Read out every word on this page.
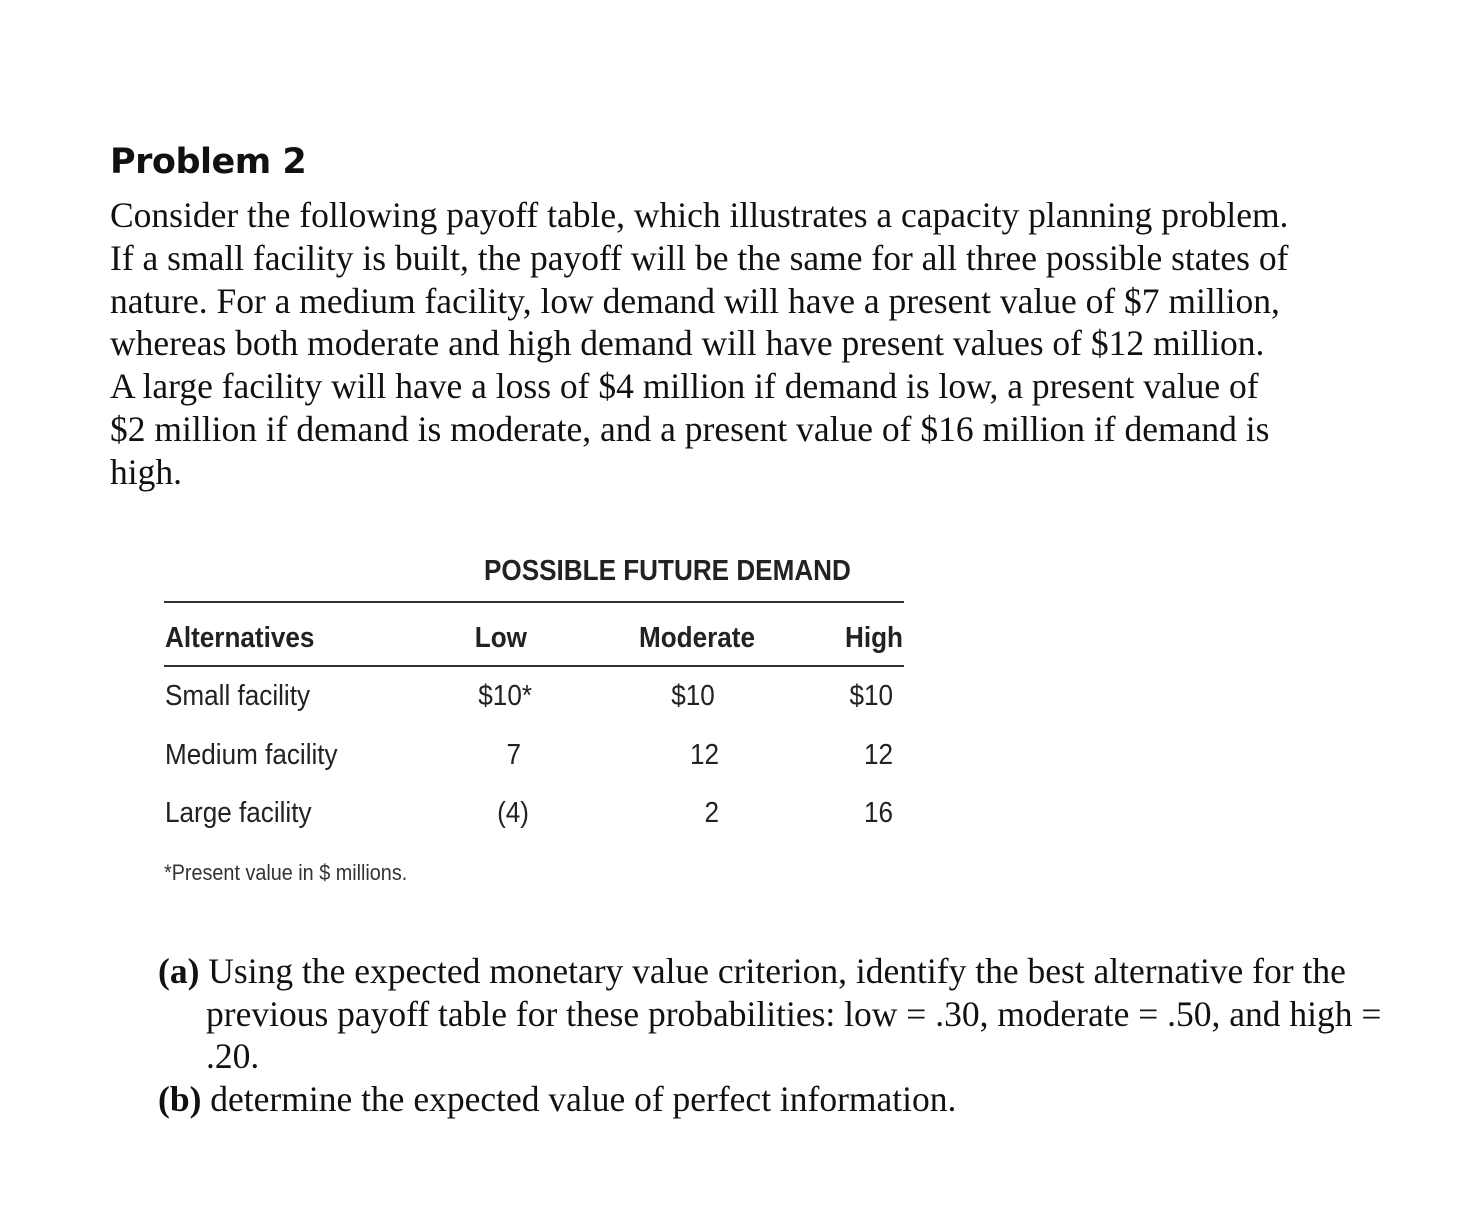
Problem 2

Consider the following payoff table, which illustrates a capacity planning problem.

If a small facility is built, the payoff will be the same for all three possible states of

nature. For a medium facility, low demand will have a present value of $7 million,

whereas both moderate and high demand will have present values of $12 million.

A large facility will have a loss of $4 million if demand is low, a present value of

$2 million if demand is moderate, and a present value of $16 million if demand is

high.

POSSIBLE FUTURE DEMAND
Alternatives	Low	Moderate	High
Small facility	$10*	$10	$10
Medium facility	7	12	12
Large facility	(4)	2	16
*Present value in $ millions.

(a) Using the expected monetary value criterion, identify the best alternative for the previous payoff table for these probabilities: low = .30, moderate = .50, and high = .20.

(b) determine the expected value of perfect information.
